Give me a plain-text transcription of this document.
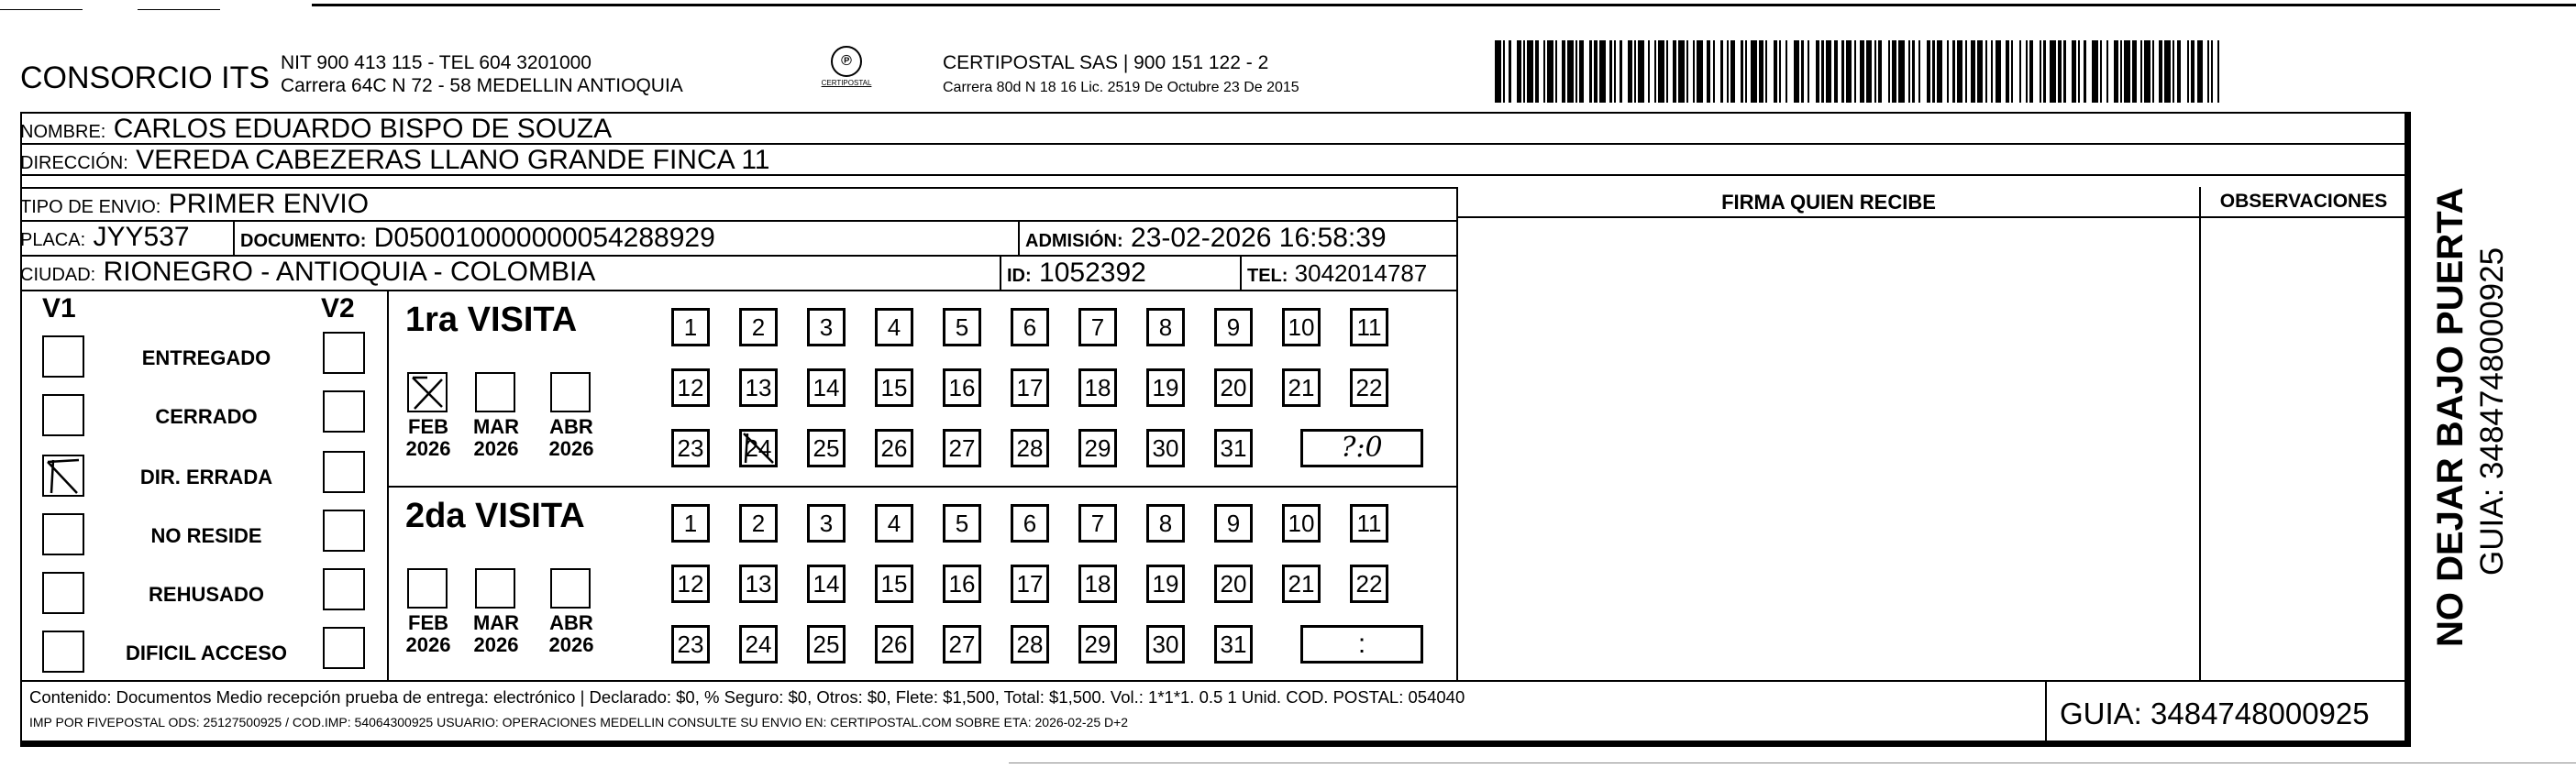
CONSORCIO ITS NIT 900 413 115 - TEL 604 3201000
Carrera 64C N 72 - 58 MEDELLIN ANTIOQUIA
℗
CERTIPOSTAL
CERTIPOSTAL SAS | 900 151 122 - 2
Carrera 80d N 18 16 Lic. 2519 De Octubre 23 De 2015
NOMBRE: CARLOS EDUARDO BISPO DE SOUZA
DIRECCIÓN: VEREDA CABEZERAS LLANO GRANDE FINCA 11
TIPO DE ENVIO: PRIMER ENVIO
PLACA: JYY537	DOCUMENTO: D050010000000054288929	ADMISIÓN: 23-02-2026 16:58:39
CIUDAD: RIONEGRO - ANTIOQUIA - COLOMBIA	ID: 1052392	TEL: 3042014787
FIRMA QUIEN RECIBE	OBSERVACIONES
V1	V2
ENTREGADO
CERRADO
DIR. ERRADA
NO RESIDE
REHUSADO
DIFICIL ACCESO
1ra VISITA
FEB
2026
MAR
2026
ABR
2026
1	2	3	4	5	6	7	8	9	10 11
12 13 14 15 16 17 18 19 20 21 22
23 24 25 26 27 28 29 30 31	?:0
2da VISITA
FEB
2026
MAR
2026
ABR
2026
1	2	3	4	5	6	7	8	9	10 11
12 13 14 15 16 17 18 19 20 21 22
23 24 25 26 27 28 29 30 31	:
Contenido: Documentos Medio recepción prueba de entrega: electrónico | Declarado: $0, % Seguro: $0, Otros: $0, Flete: $1,500, Total: $1,500. Vol.: 1*1*1. 0.5 1 Unid. COD. POSTAL: 054040
IMP POR FIVEPOSTAL ODS: 25127500925 / COD.IMP: 54064300925 USUARIO: OPERACIONES MEDELLIN CONSULTE SU ENVIO EN: CERTIPOSTAL.COM SOBRE ETA: 2026-02-25 D+2	GUIA: 3484748000925
NO DEJAR BAJO PUERTA GUIA: 3484748000925
